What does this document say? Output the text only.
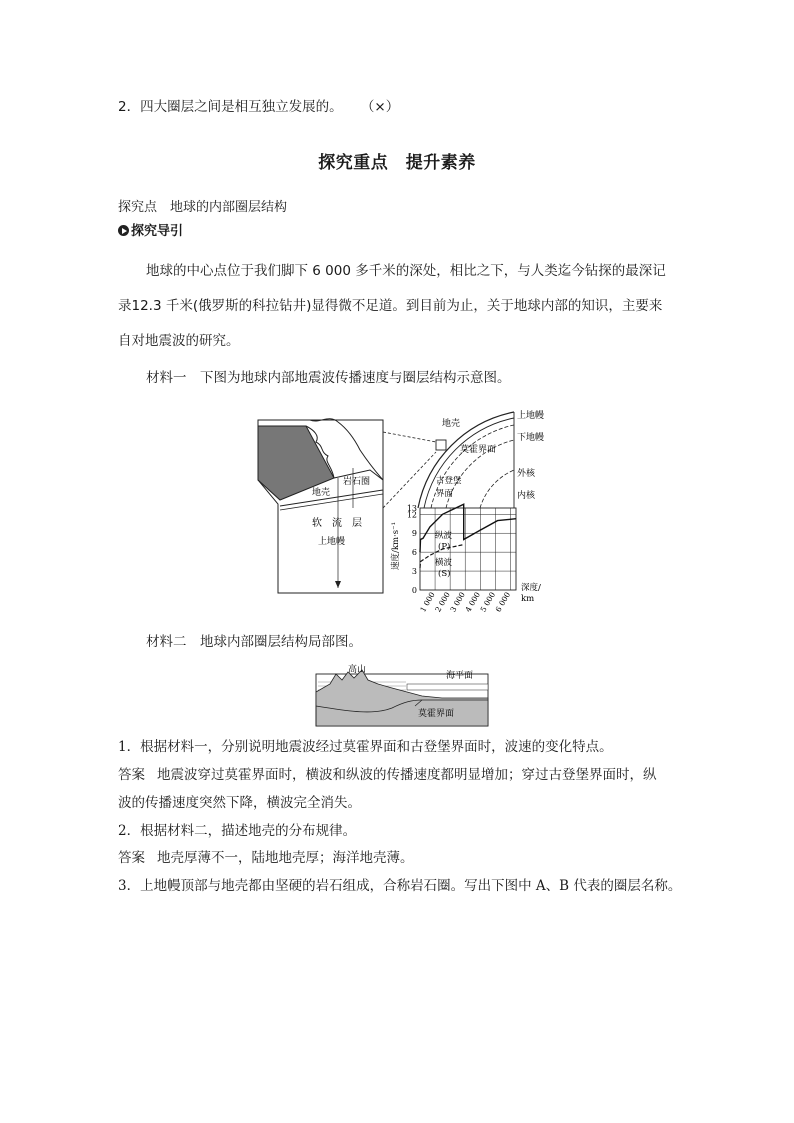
2．四大圈层之间是相互独立发展的。 （×）
探究重点　提升素养
探究点　地球的内部圈层结构
探究导引
地球的中心点位于我们脚下 6 000 多千米的深处，相比之下，与人类迄今钻探的最深记
录12.3 千米(俄罗斯的科拉钻井)显得微不足道。到目前为止，关于地球内部的知识，主要来
自对地震波的研究。
材料一　下图为地球内部地震波传播速度与圈层结构示意图。
岩石圈
地壳
软　流　层
上地幔
地壳
上地幔
下地幔
莫霍界面
外核
内核
古登堡
界面
0
3
6
9
12
13
1 000
2 000
3 000
4 000
5 000
6 000
速度/km·s⁻¹
深度/
km
纵波
(P)
横波
(S)
材料二　地球内部圈层结构局部图。
高山
海平面
莫霍界面
1．根据材料一，分别说明地震波经过莫霍界面和古登堡界面时，波速的变化特点。
答案 地震波穿过莫霍界面时，横波和纵波的传播速度都明显增加；穿过古登堡界面时，纵
波的传播速度突然下降，横波完全消失。
2．根据材料二，描述地壳的分布规律。
答案 地壳厚薄不一，陆地地壳厚；海洋地壳薄。
3．上地幔顶部与地壳都由坚硬的岩石组成，合称岩石圈。写出下图中 A、B 代表的圈层名称。
